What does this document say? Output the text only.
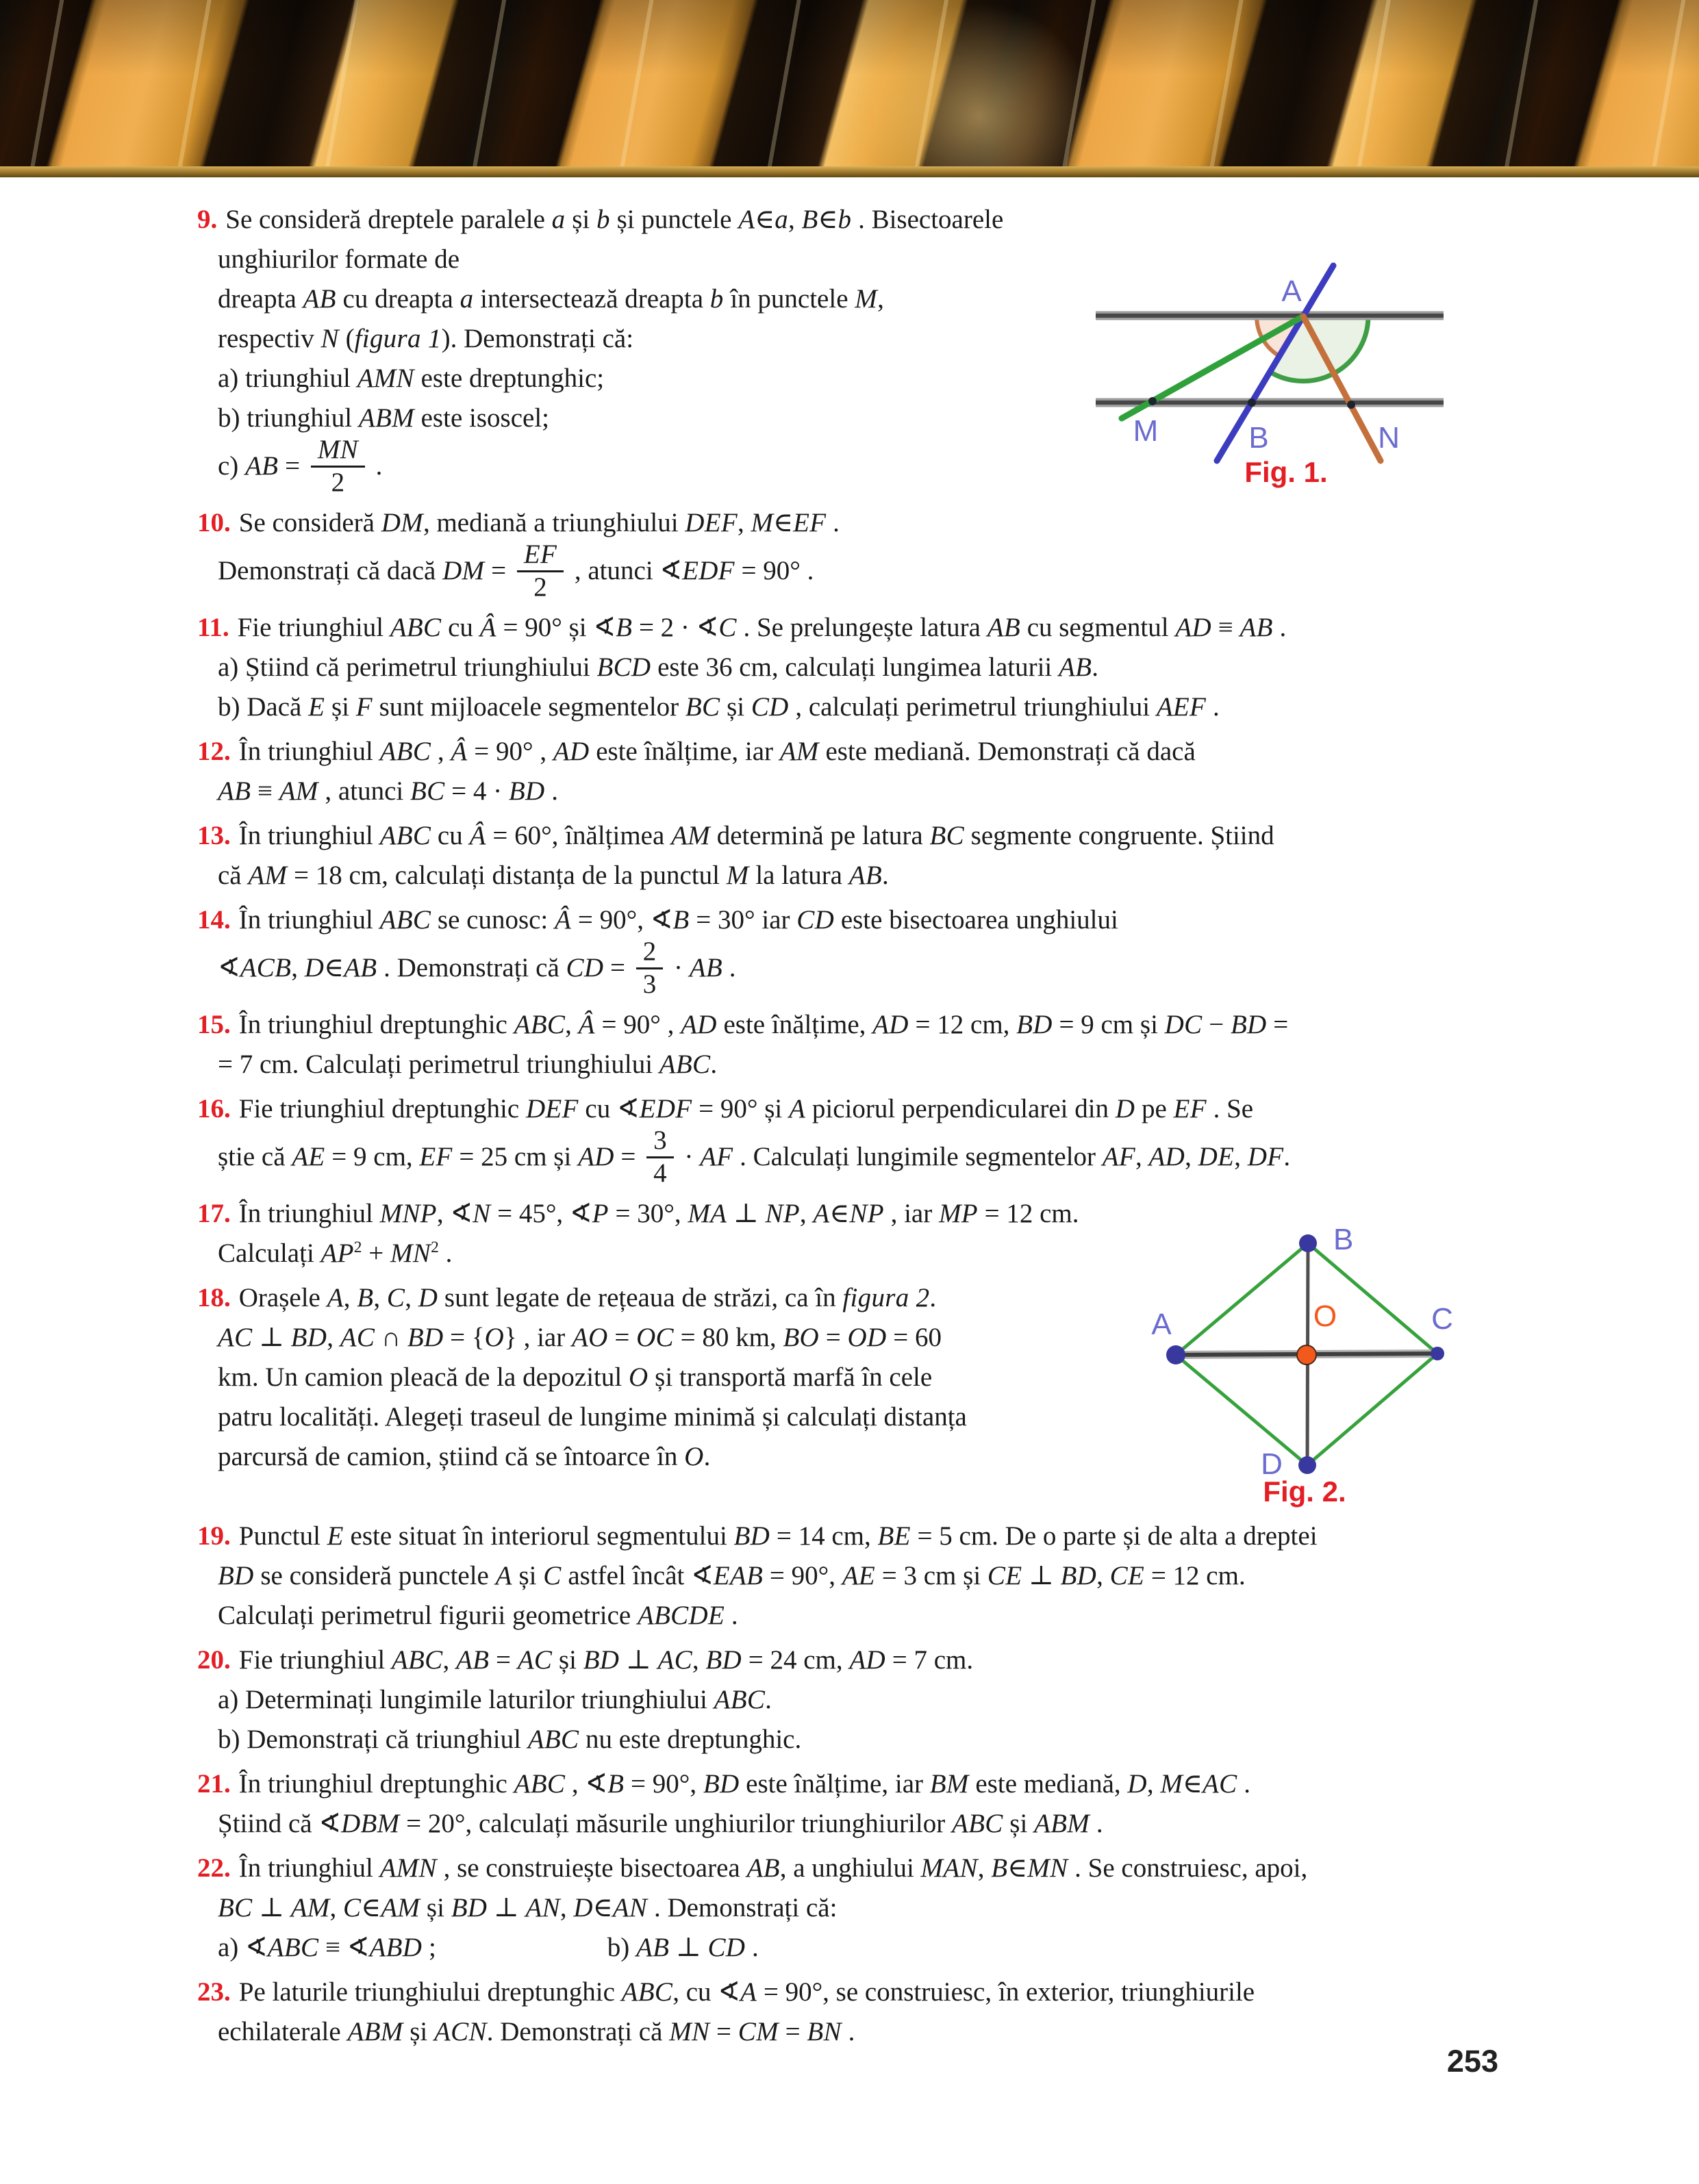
A
M	B	N
Fig. 1.
9. Se consideră dreptele paralele a și b și punctele A∈a, B∈b . Bisectoarele unghiurilor formate de
dreapta AB cu dreapta a intersectează dreapta b în punctele M,
respectiv N (figura 1). Demonstrați că:
a) triunghiul AMN este dreptunghic;
b) triunghiul ABM este isoscel;
c) AB = $\frac{MN}{2}$ .

10. Se consideră DM, mediană a triunghiului DEF, M∈EF .
Demonstrați că dacă DM = $\frac{EF}{2}$ , atunci ∢EDF = 90° .

11. Fie triunghiul ABC cu Â = 90° și ∢B = 2 · ∢C . Se prelungește latura AB cu segmentul AD ≡ AB .
a) Știind că perimetrul triunghiului BCD este 36 cm, calculați lungimea laturii AB.
b) Dacă E și F sunt mijloacele segmentelor BC și CD , calculați perimetrul triunghiului AEF .

12. În triunghiul ABC , Â = 90° , AD este înălțime, iar AM este mediană. Demonstrați că dacă
AB ≡ AM , atunci BC = 4 · BD .

13. În triunghiul ABC cu Â = 60°, înălțimea AM determină pe latura BC segmente congruente. Știind
că AM = 18 cm, calculați distanța de la punctul M la latura AB.

14. În triunghiul ABC se cunosc: Â = 90°, ∢B = 30° iar CD este bisectoarea unghiului
∢ACB, D∈AB . Demonstrați că CD = $\frac{2}{3}$ · AB .

15. În triunghiul dreptunghic ABC, Â = 90° , AD este înălțime, AD = 12 cm, BD = 9 cm și DC − BD =
= 7 cm. Calculați perimetrul triunghiului ABC.

16. Fie triunghiul dreptunghic DEF cu ∢EDF = 90° și A piciorul perpendicularei din D pe EF . Se
știe că AE = 9 cm, EF = 25 cm și AD = $\frac{3}{4}$ · AF . Calculați lungimile segmentelor AF, AD, DE, DF.

17. În triunghiul MNP, ∢N = 45°, ∢P = 30°, MA ⊥ NP, A∈NP , iar MP = 12 cm.
Calculați $AP^2 + MN^2$ .

A
B
C
D
O
Fig. 2.
18. Orașele A, B, C, D sunt legate de rețeaua de străzi, ca în figura 2.
AC ⊥ BD, AC ∩ BD = {O} , iar AO = OC = 80 km, BO = OD = 60
km. Un camion pleacă de la depozitul O și transportă marfă în cele
patru localități. Alegeți traseul de lungime minimă și calculați distanța
parcursă de camion, știind că se întoarce în O.

19. Punctul E este situat în interiorul segmentului BD = 14 cm, BE = 5 cm. De o parte și de alta a dreptei
BD se consideră punctele A și C astfel încât ∢EAB = 90°, AE = 3 cm și CE ⊥ BD, CE = 12 cm.
Calculați perimetrul figurii geometrice ABCDE .

20. Fie triunghiul ABC, AB = AC și BD ⊥ AC, BD = 24 cm, AD = 7 cm.
a) Determinați lungimile laturilor triunghiului ABC.
b) Demonstrați că triunghiul ABC nu este dreptunghic.

21. În triunghiul dreptunghic ABC , ∢B = 90°, BD este înălțime, iar BM este mediană, D, M∈AC .
Știind că ∢DBM = 20°, calculați măsurile unghiurilor triunghiurilor ABC și ABM .

22. În triunghiul AMN , se construiește bisectoarea AB, a unghiului MAN, B∈MN . Se construiesc, apoi,
BC ⊥ AM, C∈AM și BD ⊥ AN, D∈AN . Demonstrați că:
a) ∢ABC ≡ ∢ABD ;	b) AB ⊥ CD .

23. Pe laturile triunghiului dreptunghic ABC, cu ∢A = 90°, se construiesc, în exterior, triunghiurile
echilaterale ABM și ACN. Demonstrați că MN = CM = BN .

253
